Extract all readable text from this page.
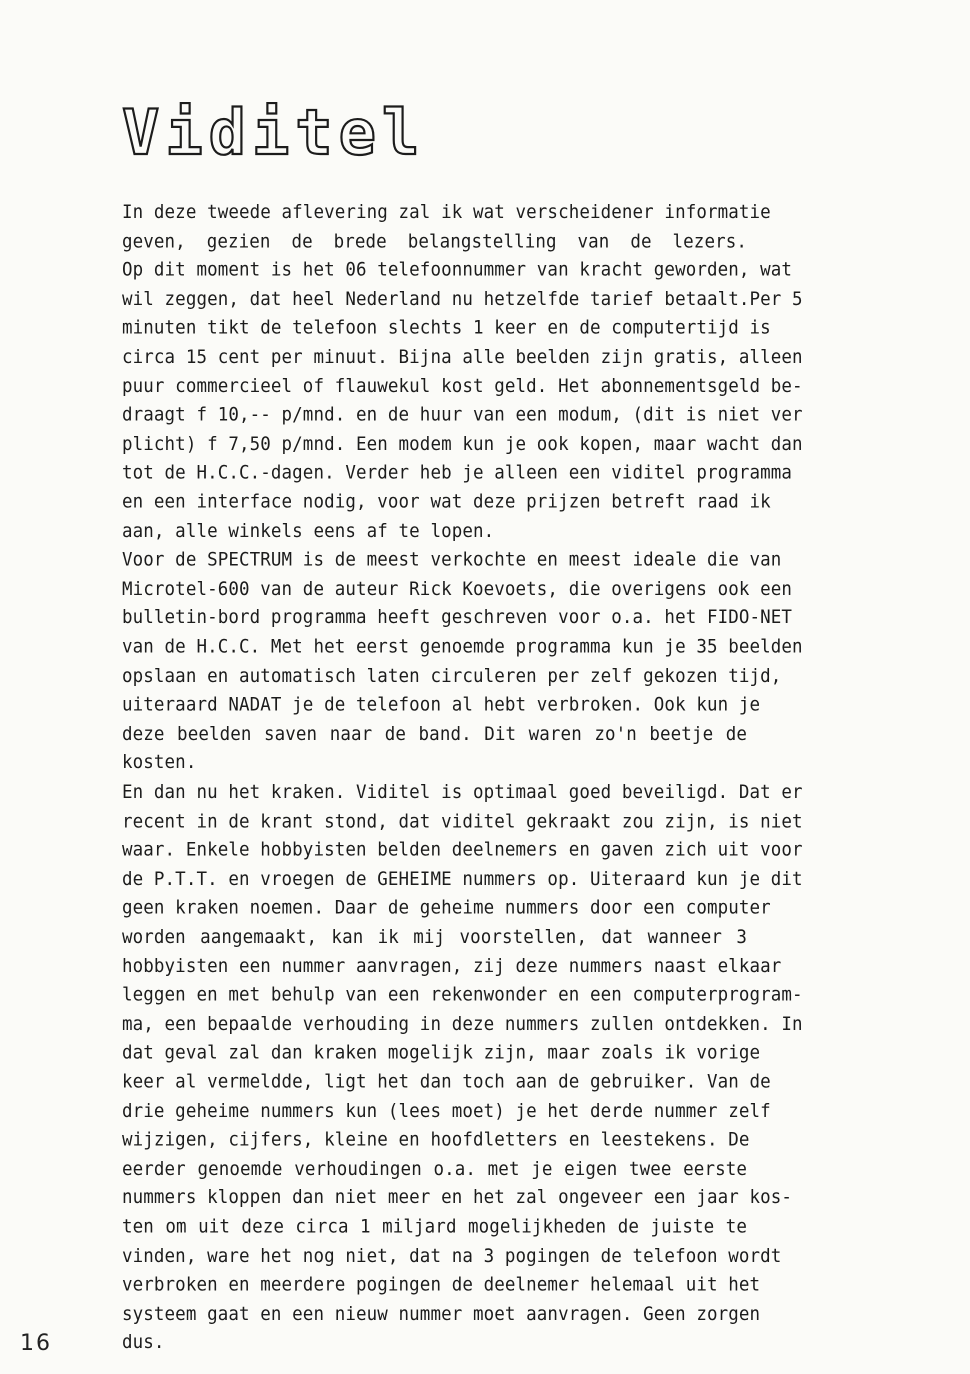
Viditel
In deze tweede aflevering zal ik wat verscheidener informatie
geven, gezien de brede belangstelling van de lezers.
Op dit moment is het 06 telefoonnummer van kracht geworden, wat
wil zeggen, dat heel Nederland nu hetzelfde tarief betaalt.Per 5
minuten tikt de telefoon slechts 1 keer en de computertijd is
circa 15 cent per minuut. Bijna alle beelden zijn gratis, alleen
puur commercieel of flauwekul kost geld. Het abonnementsgeld be-
draagt f 10,-- p/mnd. en de huur van een modum, (dit is niet ver
plicht) f 7,50 p/mnd. Een modem kun je ook kopen, maar wacht dan
tot de H.C.C.-dagen. Verder heb je alleen een viditel programma
en een interface nodig, voor wat deze prijzen betreft raad ik
aan, alle winkels eens af te lopen.
Voor de SPECTRUM is de meest verkochte en meest ideale die van
Microtel-600 van de auteur Rick Koevoets, die overigens ook een
bulletin-bord programma heeft geschreven voor o.a. het FIDO-NET
van de H.C.C. Met het eerst genoemde programma kun je 35 beelden
opslaan en automatisch laten circuleren per zelf gekozen tijd,
uiteraard NADAT je de telefoon al hebt verbroken. Ook kun je
deze beelden saven naar de band. Dit waren zo'n beetje de
kosten.
En dan nu het kraken. Viditel is optimaal goed beveiligd. Dat er
recent in de krant stond, dat viditel gekraakt zou zijn, is niet
waar. Enkele hobbyisten belden deelnemers en gaven zich uit voor
de P.T.T. en vroegen de GEHEIME nummers op. Uiteraard kun je dit
geen kraken noemen. Daar de geheime nummers door een computer
worden aangemaakt, kan ik mij voorstellen, dat wanneer 3
hobbyisten een nummer aanvragen, zij deze nummers naast elkaar
leggen en met behulp van een rekenwonder en een computerprogram-
ma, een bepaalde verhouding in deze nummers zullen ontdekken. In
dat geval zal dan kraken mogelijk zijn, maar zoals ik vorige
keer al vermeldde, ligt het dan toch aan de gebruiker. Van de
drie geheime nummers kun (lees moet) je het derde nummer zelf
wijzigen, cijfers, kleine en hoofdletters en leestekens. De
eerder genoemde verhoudingen o.a. met je eigen twee eerste
nummers kloppen dan niet meer en het zal ongeveer een jaar kos-
ten om uit deze circa 1 miljard mogelijkheden de juiste te
vinden, ware het nog niet, dat na 3 pogingen de telefoon wordt
verbroken en meerdere pogingen de deelnemer helemaal uit het
systeem gaat en een nieuw nummer moet aanvragen. Geen zorgen
dus.
16
